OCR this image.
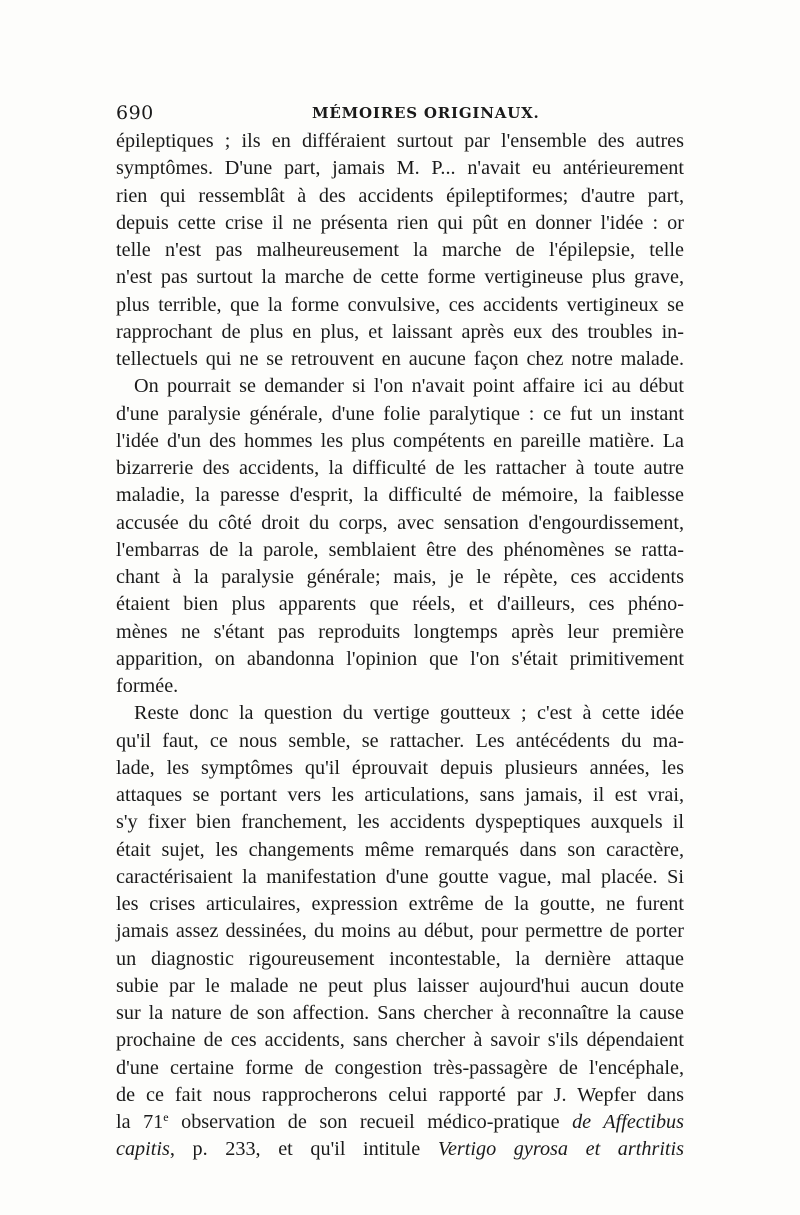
690	MÉMOIRES ORIGINAUX.
épileptiques ; ils en différaient surtout par l'ensemble des autres
symptômes. D'une part, jamais M. P... n'avait eu antérieurement
rien qui ressemblât à des accidents épileptiformes; d'autre part,
depuis cette crise il ne présenta rien qui pût en donner l'idée : or
telle n'est pas malheureusement la marche de l'épilepsie, telle
n'est pas surtout la marche de cette forme vertigineuse plus grave,
plus terrible, que la forme convulsive, ces accidents vertigineux se
rapprochant de plus en plus, et laissant après eux des troubles in-
tellectuels qui ne se retrouvent en aucune façon chez notre malade.
On pourrait se demander si l'on n'avait point affaire ici au début
d'une paralysie générale, d'une folie paralytique : ce fut un instant
l'idée d'un des hommes les plus compétents en pareille matière. La
bizarrerie des accidents, la difficulté de les rattacher à toute autre
maladie, la paresse d'esprit, la difficulté de mémoire, la faiblesse
accusée du côté droit du corps, avec sensation d'engourdissement,
l'embarras de la parole, semblaient être des phénomènes se ratta-
chant à la paralysie générale; mais, je le répète, ces accidents
étaient bien plus apparents que réels, et d'ailleurs, ces phéno-
mènes ne s'étant pas reproduits longtemps après leur première
apparition, on abandonna l'opinion que l'on s'était primitivement
formée.
Reste donc la question du vertige goutteux ; c'est à cette idée
qu'il faut, ce nous semble, se rattacher. Les antécédents du ma-
lade, les symptômes qu'il éprouvait depuis plusieurs années, les
attaques se portant vers les articulations, sans jamais, il est vrai,
s'y fixer bien franchement, les accidents dyspeptiques auxquels il
était sujet, les changements même remarqués dans son caractère,
caractérisaient la manifestation d'une goutte vague, mal placée. Si
les crises articulaires, expression extrême de la goutte, ne furent
jamais assez dessinées, du moins au début, pour permettre de porter
un diagnostic rigoureusement incontestable, la dernière attaque
subie par le malade ne peut plus laisser aujourd'hui aucun doute
sur la nature de son affection. Sans chercher à reconnaître la cause
prochaine de ces accidents, sans chercher à savoir s'ils dépendaient
d'une certaine forme de congestion très-passagère de l'encéphale,
de ce fait nous rapprocherons celui rapporté par J. Wepfer dans
la 71e observation de son recueil médico-pratique de Affectibus
capitis, p. 233, et qu'il intitule Vertigo gyrosa et arthritis
